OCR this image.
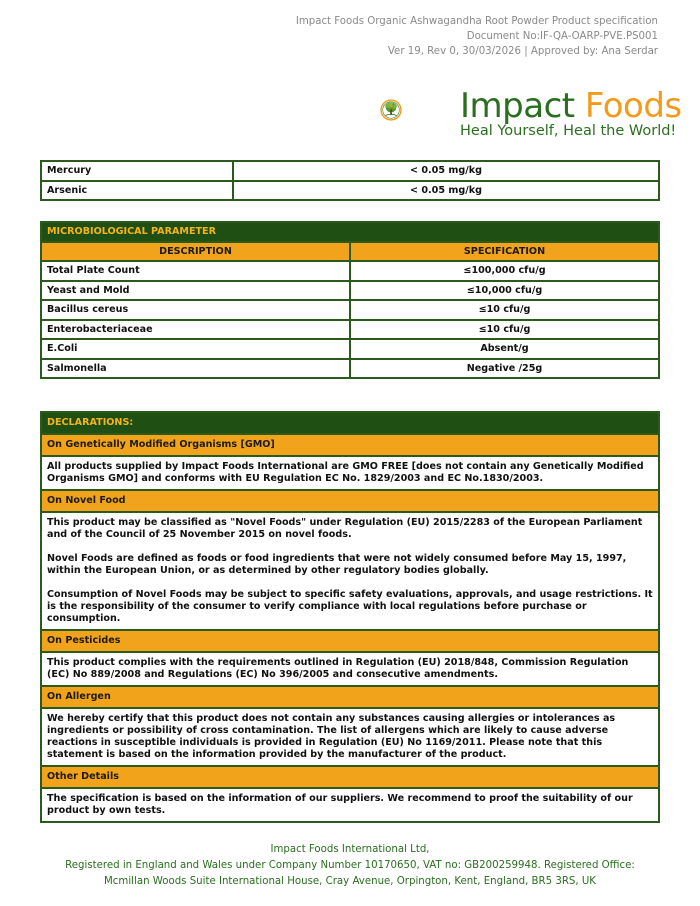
Impact Foods Organic Ashwagandha Root Powder Product specification
Document No:IF-QA-OARP-PVE.PS001
Ver 19, Rev 0, 30/03/2026 | Approved by: Ana Serdar
Impact Foods
Heal Yourself, Heal the World!
Mercury	< 0.05 mg/kg
Arsenic	< 0.05 mg/kg
MICROBIOLOGICAL PARAMETER	
DESCRIPTION	SPECIFICATION
Total Plate Count	≤100,000 cfu/g
Yeast and Mold	≤10,000 cfu/g
Bacillus cereus	≤10 cfu/g
Enterobacteriaceae	≤10 cfu/g
E.Coli	Absent/g
Salmonella	Negative /25g
DECLARATIONS:
On Genetically Modified Organisms [GMO]
All products supplied by Impact Foods International are GMO FREE [does not contain any Genetically Modified Organisms GMO] and conforms with EU Regulation EC No. 1829/2003 and EC No.1830/2003.
On Novel Food

This product may be classified as "Novel Foods" under Regulation (EU) 2015/2283 of the European Parliament and of the Council of 25 November 2015 on novel foods.

Novel Foods are defined as foods or food ingredients that were not widely consumed before May 15, 1997, within the European Union, or as determined by other regulatory bodies globally.

Consumption of Novel Foods may be subject to specific safety evaluations, approvals, and usage restrictions. It is the responsibility of the consumer to verify compliance with local regulations before purchase or consumption.

On Pesticides
This product complies with the requirements outlined in Regulation (EU) 2018/848, Commission Regulation (EC) No 889/2008 and Regulations (EC) No 396/2005 and consecutive amendments.
On Allergen
We hereby certify that this product does not contain any substances causing allergies or intolerances as ingredients or possibility of cross contamination. The list of allergens which are likely to cause adverse reactions in susceptible individuals is provided in Regulation (EU) No 1169/2011. Please note that this statement is based on the information provided by the manufacturer of the product.
Other Details
The specification is based on the information of our suppliers. We recommend to proof the suitability of our product by own tests.
Impact Foods International Ltd,
Registered in England and Wales under Company Number 10170650, VAT no: GB200259948. Registered Office:
Mcmillan Woods Suite International House, Cray Avenue, Orpington, Kent, England, BR5 3RS, UK
